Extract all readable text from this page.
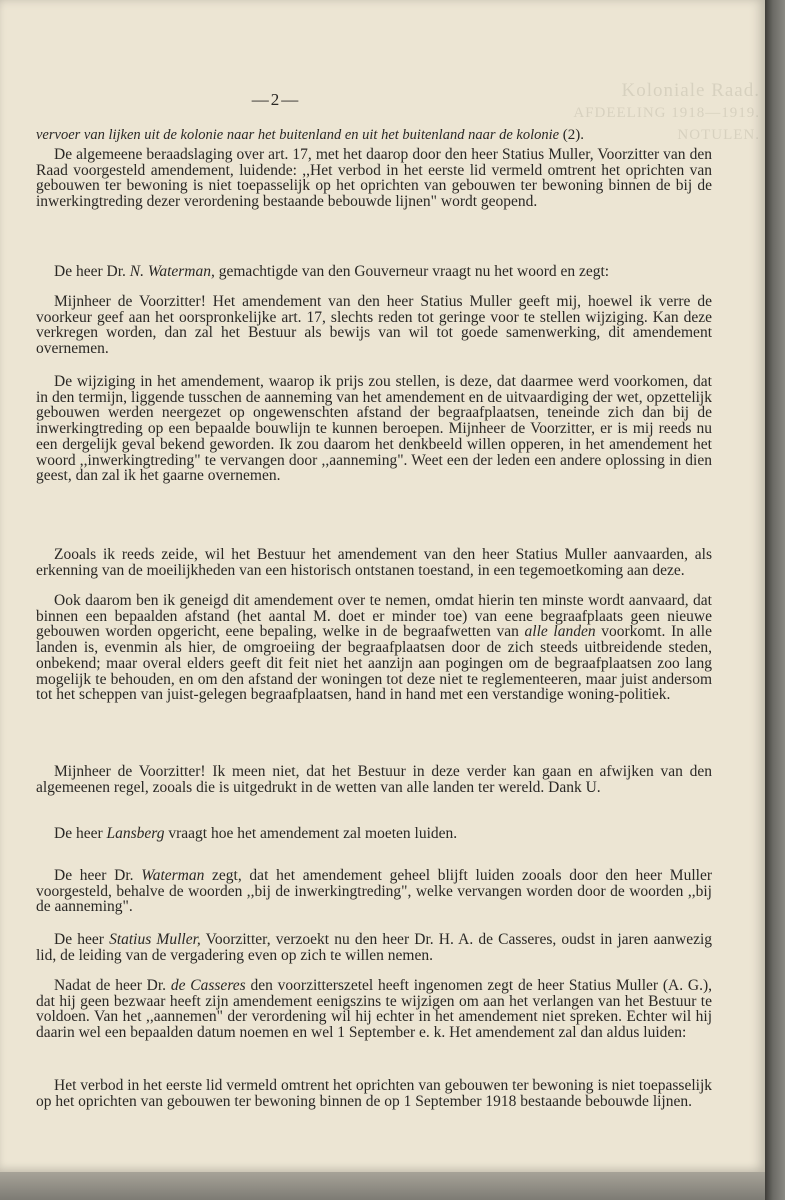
Koloniale Raad.
AFDEELING 1918—1919.
NOTULEN.
—2—
vervoer van lijken uit de kolonie naar het buitenland en uit het buitenland naar de kolonie (2).

De algemeene beraadslaging over art. 17, met het daarop door den heer Statius Muller, Voorzitter van den Raad voorgesteld amendement, luidende: ,,Het verbod in het eerste lid vermeld omtrent het oprichten van gebouwen ter bewoning is niet toepasselijk op het oprichten van gebouwen ter bewoning binnen de bij de inwerkingtreding dezer verordening bestaande bebouwde lijnen" wordt geopend.

De heer Dr. N. Waterman, gemachtigde van den Gouverneur vraagt nu het woord en zegt:

Mijnheer de Voorzitter! Het amendement van den heer Statius Muller geeft mij, hoewel ik verre de voorkeur geef aan het oorspronkelijke art. 17, slechts reden tot geringe voor te stellen wijziging. Kan deze verkregen worden, dan zal het Bestuur als bewijs van wil tot goede samenwerking, dit amendement overnemen.

De wijziging in het amendement, waarop ik prijs zou stellen, is deze, dat daarmee werd voorkomen, dat in den termijn, liggende tusschen de aanneming van het amendement en de uitvaardiging der wet, opzettelijk gebouwen werden neergezet op ongewenschten afstand der begraafplaatsen, teneinde zich dan bij de inwerkingtreding op een bepaalde bouwlijn te kunnen beroepen. Mijnheer de Voorzitter, er is mij reeds nu een dergelijk geval bekend geworden. Ik zou daarom het denkbeeld willen opperen, in het amendement het woord ,,inwerkingtreding" te vervangen door ,,aanneming". Weet een der leden een andere oplossing in dien geest, dan zal ik het gaarne overnemen.

Zooals ik reeds zeide, wil het Bestuur het amendement van den heer Statius Muller aanvaarden, als erkenning van de moeilijkheden van een historisch ontstanen toestand, in een tegemoetkoming aan deze.

Ook daarom ben ik geneigd dit amendement over te nemen, omdat hierin ten minste wordt aanvaard, dat binnen een bepaalden afstand (het aantal M. doet er minder toe) van eene begraafplaats geen nieuwe gebouwen worden opgericht, eene bepaling, welke in de begraafwetten van alle landen voorkomt. In alle landen is, evenmin als hier, de omgroeiing der begraafplaatsen door de zich steeds uitbreidende steden, onbekend; maar overal elders geeft dit feit niet het aanzijn aan pogingen om de begraafplaatsen zoo lang mogelijk te behouden, en om den afstand der woningen tot deze niet te reglementeeren, maar juist andersom tot het scheppen van juist-gelegen begraafplaatsen, hand in hand met een verstandige woning-politiek.

Mijnheer de Voorzitter! Ik meen niet, dat het Bestuur in deze verder kan gaan en afwijken van den algemeenen regel, zooals die is uitgedrukt in de wetten van alle landen ter wereld. Dank U.

De heer Lansberg vraagt hoe het amendement zal moeten luiden.

De heer Dr. Waterman zegt, dat het amendement geheel blijft luiden zooals door den heer Muller voorgesteld, behalve de woorden ,,bij de inwerkingtreding", welke vervangen worden door de woorden ,,bij de aanneming".

De heer Statius Muller, Voorzitter, verzoekt nu den heer Dr. H. A. de Casseres, oudst in jaren aanwezig lid, de leiding van de vergadering even op zich te willen nemen.

Nadat de heer Dr. de Casseres den voorzitterszetel heeft ingenomen zegt de heer Statius Muller (A. G.), dat hij geen bezwaar heeft zijn amendement eenigszins te wijzigen om aan het verlangen van het Bestuur te voldoen. Van het ,,aannemen" der verordening wil hij echter in het amendement niet spreken. Echter wil hij daarin wel een bepaalden datum noemen en wel 1 September e. k. Het amendement zal dan aldus luiden:

Het verbod in het eerste lid vermeld omtrent het oprichten van gebouwen ter bewoning is niet toepasselijk op het oprichten van gebouwen ter bewoning binnen de op 1 September 1918 bestaande bebouwde lijnen.
